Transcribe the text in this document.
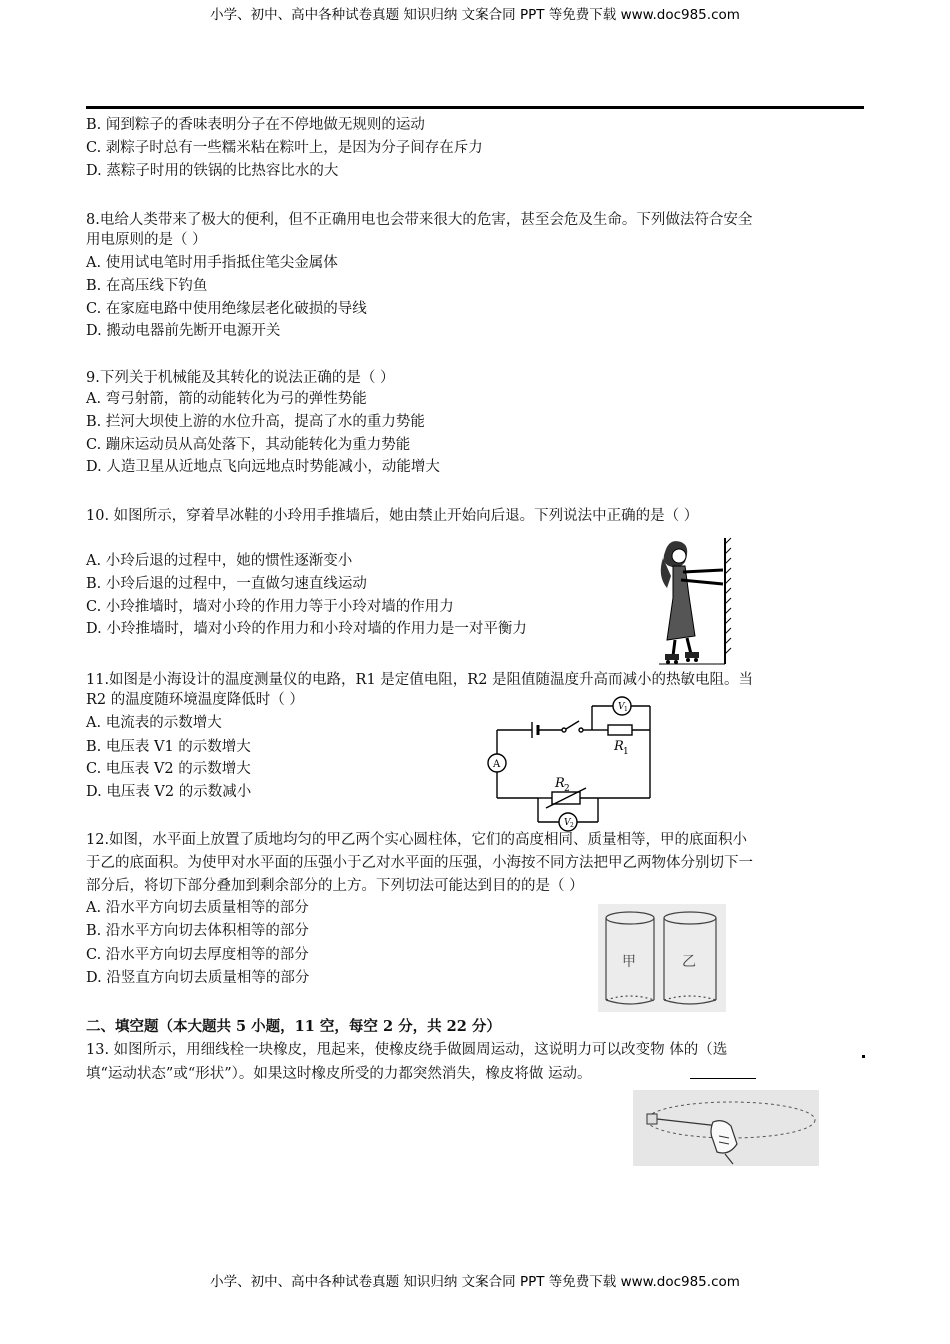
小学、初中、高中各种试卷真题 知识归纳 文案合同 PPT 等免费下载 www.doc985.com
B. 闻到粽子的香味表明分子在不停地做无规则的运动
C. 剥粽子时总有一些糯米粘在粽叶上，是因为分子间存在斥力
D. 蒸粽子时用的铁锅的比热容比水的大
8.电给人类带来了极大的便利，但不正确用电也会带来很大的危害，甚至会危及生命。下列做法符合安全
用电原则的是（ ）
A. 使用试电笔时用手指抵住笔尖金属体
B. 在高压线下钓鱼
C. 在家庭电路中使用绝缘层老化破损的导线
D. 搬动电器前先断开电源开关
9.下列关于机械能及其转化的说法正确的是（ ）
A. 弯弓射箭，箭的动能转化为弓的弹性势能
B. 拦河大坝使上游的水位升高，提高了水的重力势能
C. 蹦床运动员从高处落下，其动能转化为重力势能
D. 人造卫星从近地点飞向远地点时势能减小，动能增大
10. 如图所示，穿着旱冰鞋的小玲用手推墙后，她由禁止开始向后退。下列说法中正确的是（ ）
A. 小玲后退的过程中，她的惯性逐渐变小
B. 小玲后退的过程中，一直做匀速直线运动
C. 小玲推墙时，墙对小玲的作用力等于小玲对墙的作用力
D. 小玲推墙时，墙对小玲的作用力和小玲对墙的作用力是一对平衡力
11.如图是小海设计的温度测量仪的电路，R1 是定值电阻，R2 是阻值随温度升高而减小的热敏电阻。当
R2 的温度随环境温度降低时（ ）
A. 电流表的示数增大
B. 电压表 V1 的示数增大
C. 电压表 V2 的示数增大
D. 电压表 V2 的示数减小
V 1
A
R 1
R 2
V 2
12.如图，水平面上放置了质地均匀的甲乙两个实心圆柱体，它们的高度相同、质量相等，甲的底面积小
于乙的底面积。为使甲对水平面的压强小于乙对水平面的压强，小海按不同方法把甲乙两物体分别切下一
部分后，将切下部分叠加到剩余部分的上方。下列切法可能达到目的的是（ ）
A. 沿水平方向切去质量相等的部分
B. 沿水平方向切去体积相等的部分
C. 沿水平方向切去厚度相等的部分
D. 沿竖直方向切去质量相等的部分
甲	乙
二、填空题（本大题共 5 小题，11 空，每空 2 分，共 22 分）
13. 如图所示，用细线栓一块橡皮，甩起来，使橡皮绕手做圆周运动，这说明力可以改变物 体的（选
填“运动状态”或“形状”）。如果这时橡皮所受的力都突然消失，橡皮将做 运动。
小学、初中、高中各种试卷真题 知识归纳 文案合同 PPT 等免费下载 www.doc985.com
